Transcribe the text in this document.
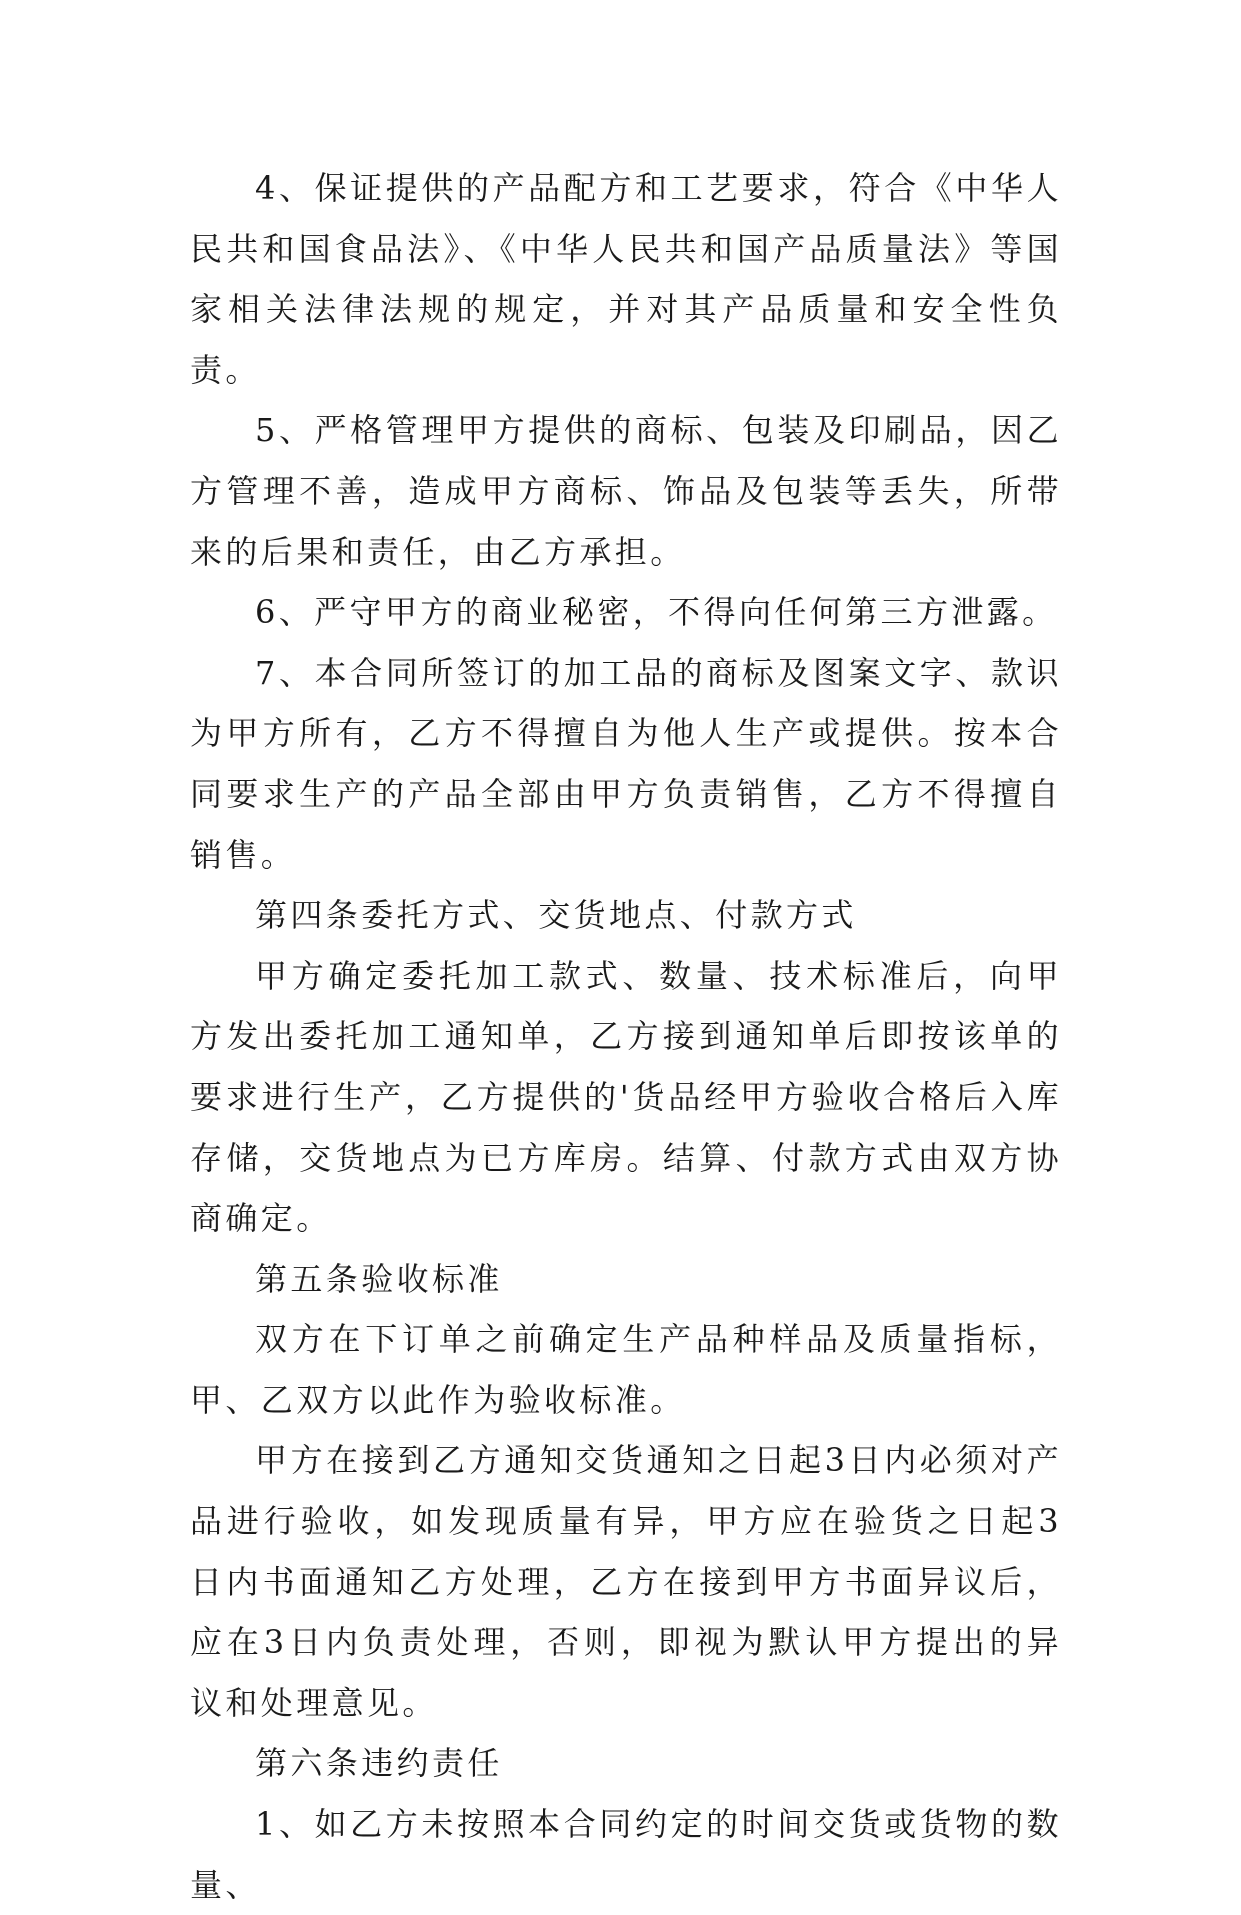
4、保证提供的产品配方和工艺要求，符合《中华人民共和国食品法》、《中华人民共和国产品质量法》等国家相关法律法规的规定，并对其产品质量和安全性负责。

5、严格管理甲方提供的商标、包装及印刷品，因乙方管理不善，造成甲方商标、饰品及包装等丢失，所带来的后果和责任，由乙方承担。

6、严守甲方的商业秘密，不得向任何第三方泄露。

7、本合同所签订的加工品的商标及图案文字、款识为甲方所有，乙方不得擅自为他人生产或提供。按本合同要求生产的产品全部由甲方负责销售，乙方不得擅自销售。

第四条委托方式、交货地点、付款方式

甲方确定委托加工款式、数量、技术标准后，向甲方发出委托加工通知单，乙方接到通知单后即按该单的要求进行生产，乙方提供的'货品经甲方验收合格后入库存储，交货地点为已方库房。结算、付款方式由双方协商确定。

第五条验收标准

双方在下订单之前确定生产品种样品及质量指标，甲、乙双方以此作为验收标准。

甲方在接到乙方通知交货通知之日起3日内必须对产品进行验收，如发现质量有异，甲方应在验货之日起3日内书面通知乙方处理，乙方在接到甲方书面异议后，应在3日内负责处理，否则，即视为默认甲方提出的异议和处理意见。

第六条违约责任

1、如乙方未按照本合同约定的时间交货或货物的数量、
